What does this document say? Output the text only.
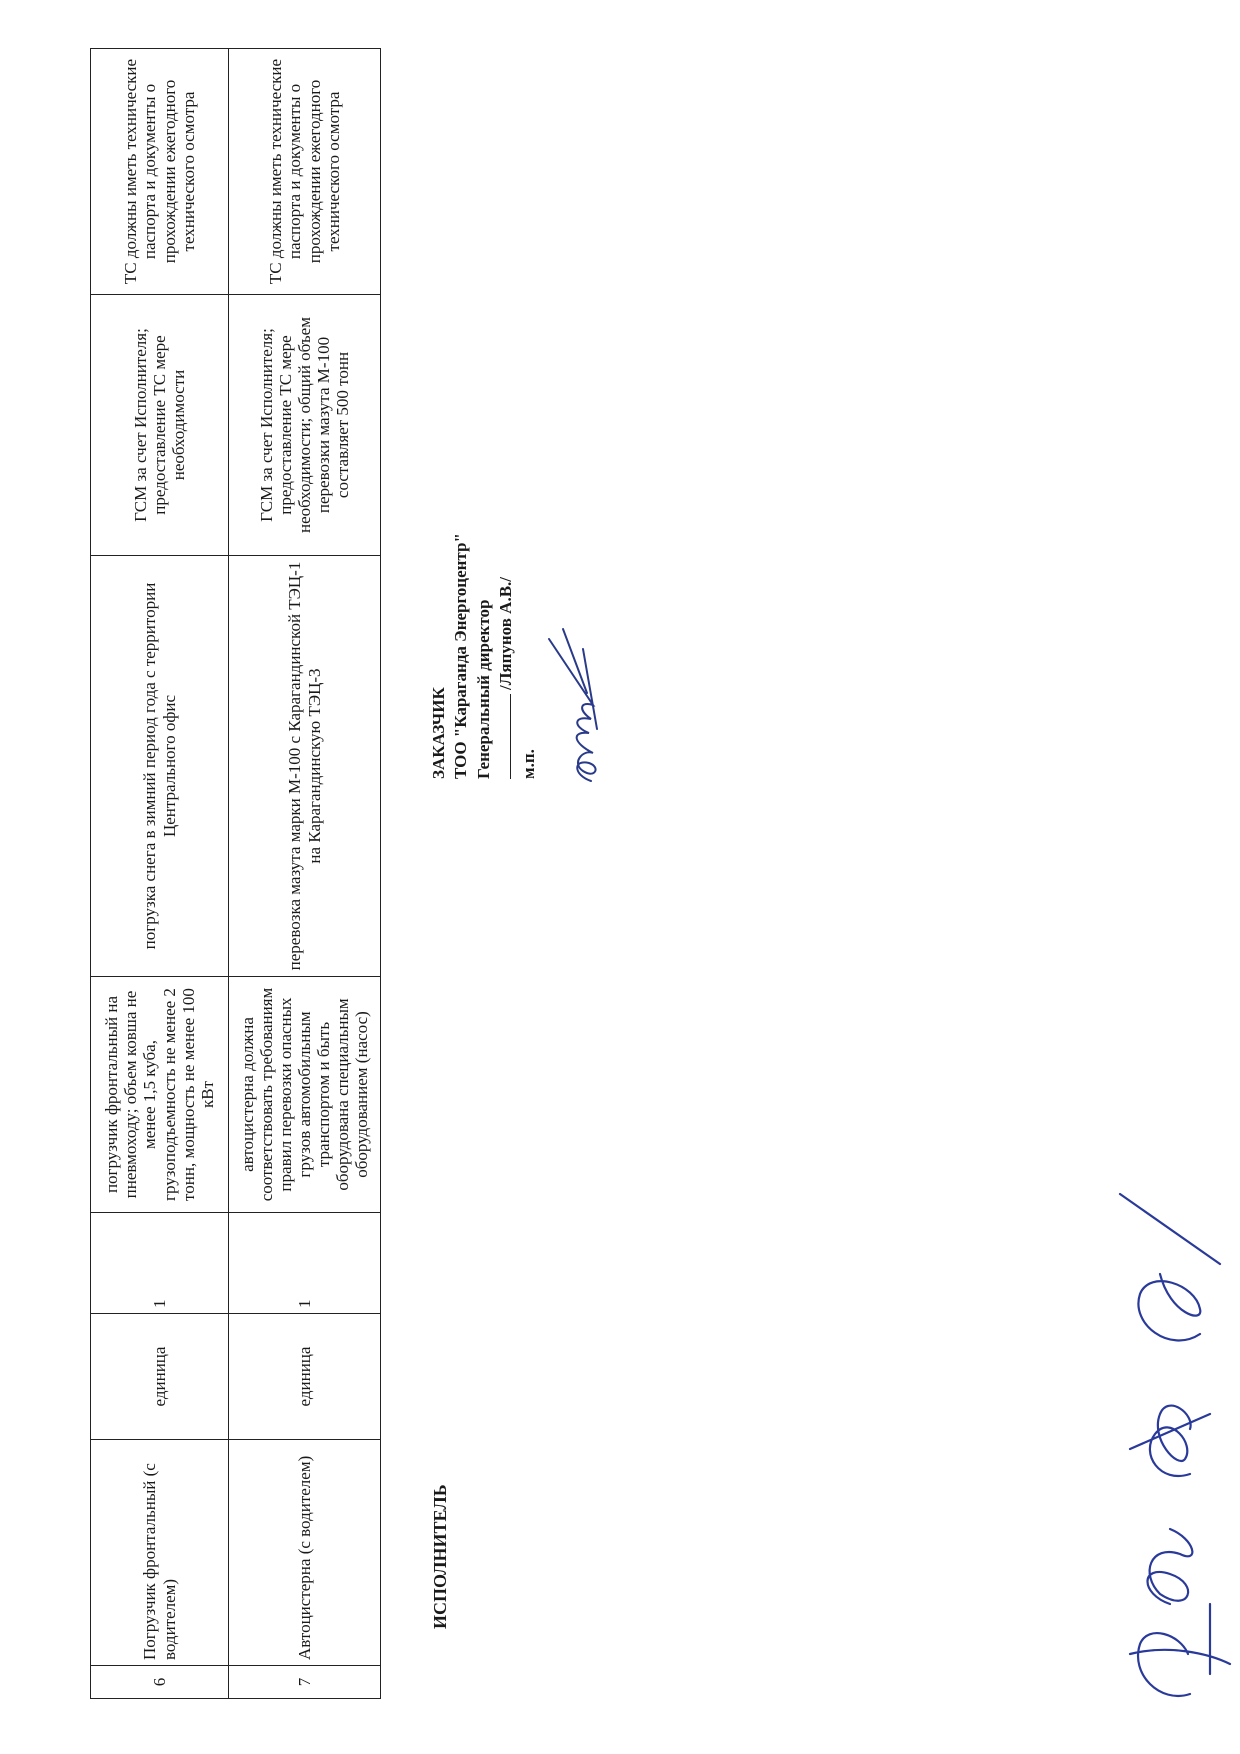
6	Погрузчик фронтальный (с водителем)	единица	1	погрузчик фронтальный на пневмоходу; объем ковша не менее 1,5 куба, грузоподъемность не менее 2 тонн, мощность не менее 100 кВт	погрузка снега в зимний период года с территории Центрального офис	ГСМ за счет Исполнителя; предоставление ТС мере необходимости	ТС должны иметь технические паспорта и документы о прохождении ежегодного технического осмотра
7	Автоцистерна (с водителем)	единица	1	автоцистерна должна соответствовать требованиям правил перевозки опасных грузов автомобильным транспортом и быть оборудована специальным оборудованием (насос)	перевозка мазута марки М-100 с Карагандинской ТЭЦ-1 на Карагандинскую ТЭЦ-3	ГСМ за счет Исполнителя; предоставление ТС мере необходимости; общий объем перевозки мазута М-100 составляет 500 тонн	ТС должны иметь технические паспорта и документы о прохождении ежегодного технического осмотра
ИСПОЛНИТЕЛЬ
ЗАКАЗЧИК ТОО "Караганда Энергоцентр" Генеральный директор /Ляпунов А.В./
м.п.
